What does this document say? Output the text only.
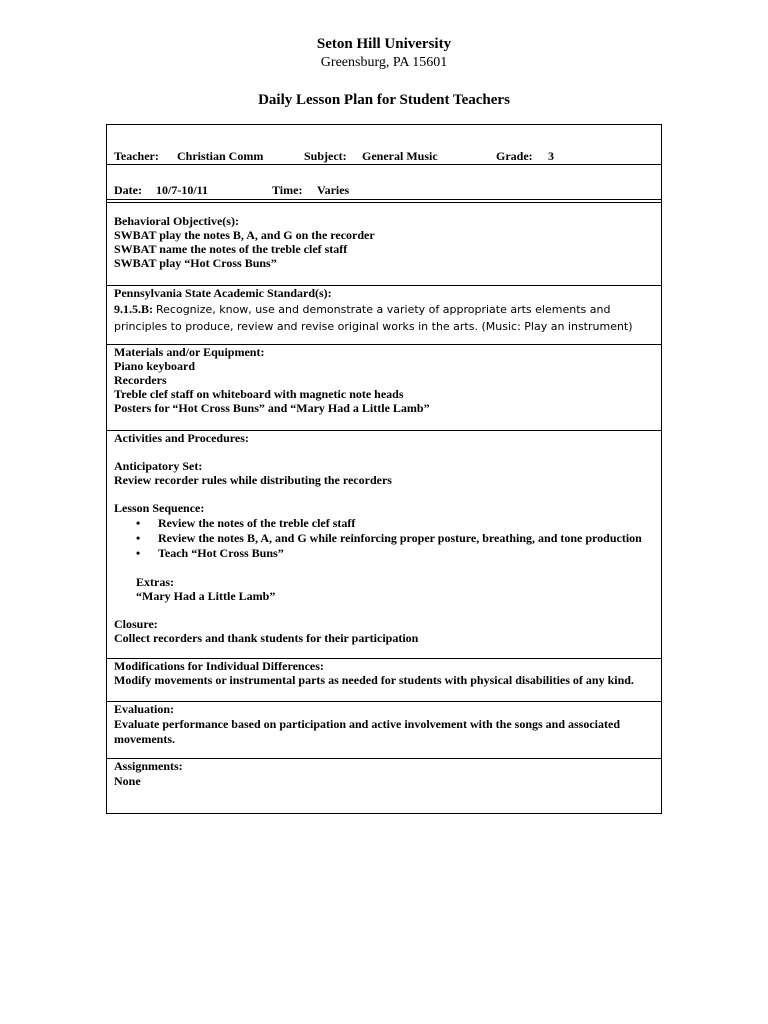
Seton Hill University
Greensburg, PA 15601
Daily Lesson Plan for Student Teachers
Teacher: Christian Comm	Subject: General Music	Grade: 3
Date: 10/7-10/11	Time: Varies
Behavioral Objective(s):
SWBAT play the notes B, A, and G on the recorder
SWBAT name the notes of the treble clef staff
SWBAT play “Hot Cross Buns”
Pennsylvania State Academic Standard(s):
9.1.5.B: Recognize, know, use and demonstrate a variety of appropriate arts elements and principles to produce, review and revise original works in the arts. (Music: Play an instrument)
Materials and/or Equipment:
Piano keyboard
Recorders
Treble clef staff on whiteboard with magnetic note heads
Posters for “Hot Cross Buns” and “Mary Had a Little Lamb”
Activities and Procedures:
Anticipatory Set:
Review recorder rules while distributing the recorders
Lesson Sequence:
• Review the notes of the treble clef staff
• Review the notes B, A, and G while reinforcing proper posture, breathing, and tone production
• Teach “Hot Cross Buns”
Extras:
“Mary Had a Little Lamb”
Closure:
Collect recorders and thank students for their participation
Modifications for Individual Differences:
Modify movements or instrumental parts as needed for students with physical disabilities of any kind.
Evaluation:
Evaluate performance based on participation and active involvement with the songs and associated movements.
Assignments:
None
